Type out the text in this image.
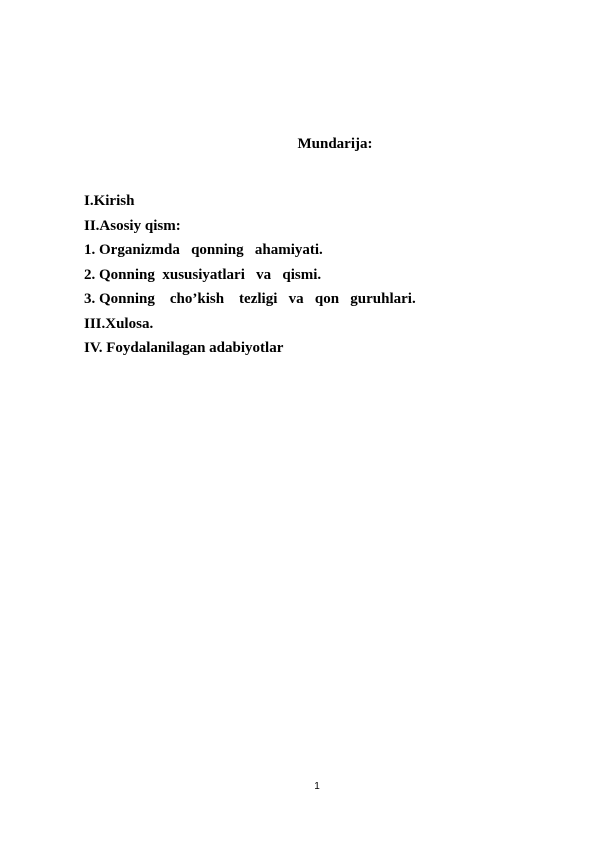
Mundarija:
I.Kirish
II.Asosiy qism:
1. Organizmda   qonning   ahamiyati.
2. Qonning  xususiyatlari   va   qismi.
3. Qonning    cho’kish    tezligi   va   qon   guruhlari.
III.Xulosa.
IV. Foydalanilagan adabiyotlar
1
